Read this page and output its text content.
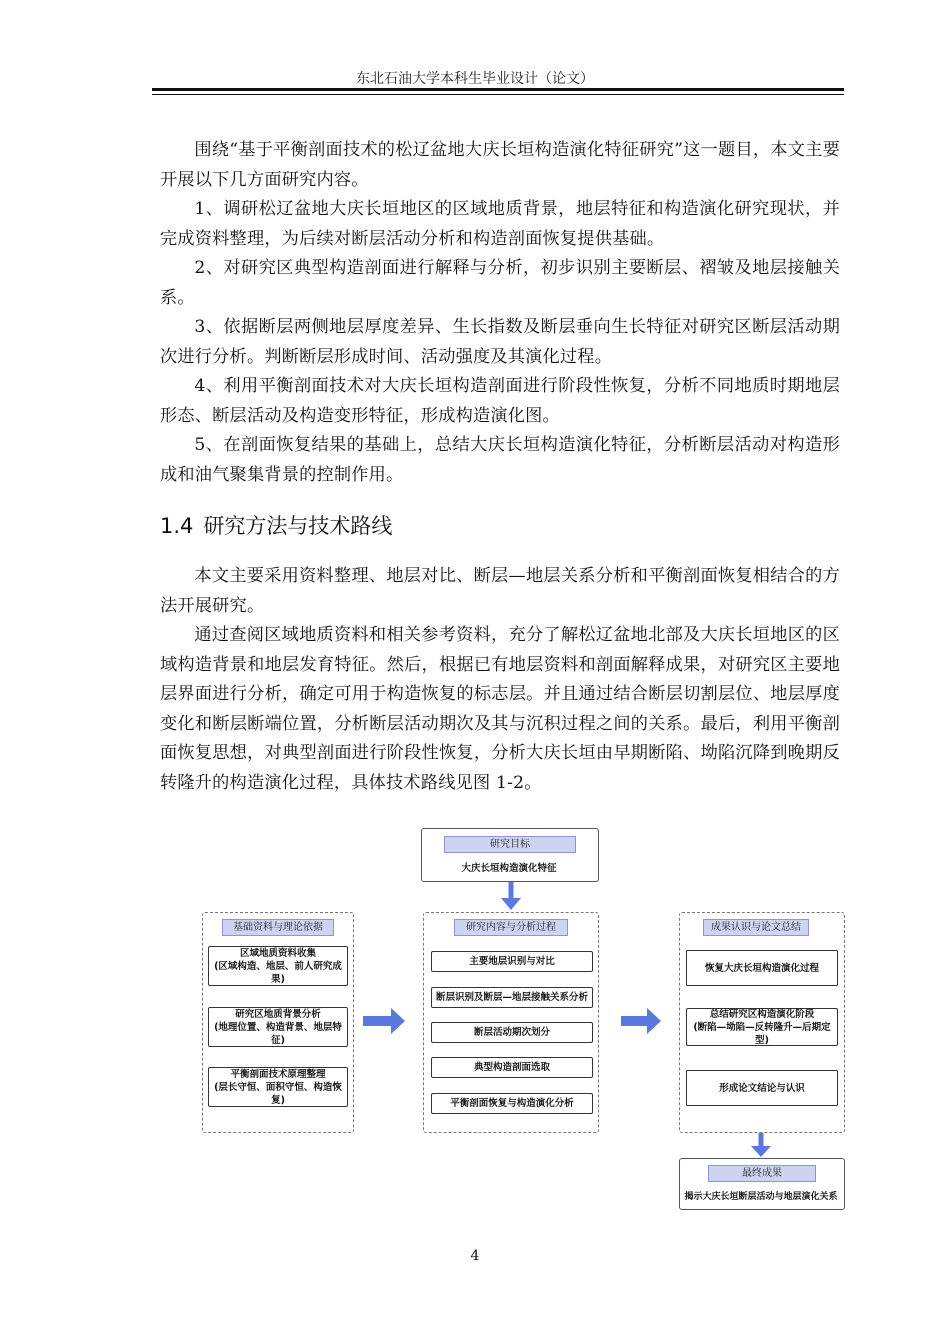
东北石油大学本科生毕业设计（论文）

围绕“基于平衡剖面技术的松辽盆地大庆长垣构造演化特征研究”这一题目，本文主要开展以下几方面研究内容。

1、调研松辽盆地大庆长垣地区的区域地质背景，地层特征和构造演化研究现状，并完成资料整理，为后续对断层活动分析和构造剖面恢复提供基础。

2、对研究区典型构造剖面进行解释与分析，初步识别主要断层、褶皱及地层接触关系。

3、依据断层两侧地层厚度差异、生长指数及断层垂向生长特征对研究区断层活动期次进行分析。判断断层形成时间、活动强度及其演化过程。

4、利用平衡剖面技术对大庆长垣构造剖面进行阶段性恢复，分析不同地质时期地层形态、断层活动及构造变形特征，形成构造演化图。

5、在剖面恢复结果的基础上，总结大庆长垣构造演化特征，分析断层活动对构造形成和油气聚集背景的控制作用。

1.4 研究方法与技术路线

本文主要采用资料整理、地层对比、断层—地层关系分析和平衡剖面恢复相结合的方法开展研究。

通过查阅区域地质资料和相关参考资料，充分了解松辽盆地北部及大庆长垣地区的区域构造背景和地层发育特征。然后，根据已有地层资料和剖面解释成果，对研究区主要地层界面进行分析，确定可用于构造恢复的标志层。并且通过结合断层切割层位、地层厚度变化和断层断端位置，分析断层活动期次及其与沉积过程之间的关系。最后，利用平衡剖面恢复思想，对典型剖面进行阶段性恢复，分析大庆长垣由早期断陷、坳陷沉降到晚期反转隆升的构造演化过程，具体技术路线见图 1-2。

研究目标
大庆长垣构造演化特征
基础资料与理论依据
区域地质资料收集
(区域构造、地层、前人研究成果)
研究区地质背景分析
(地理位置、构造背景、地层特征)
平衡剖面技术原理整理
(层长守恒、面积守恒、构造恢复)
研究内容与分析过程
主要地层识别与对比
断层识别及断层—地层接触关系分析
断层活动期次划分
典型构造剖面选取
平衡剖面恢复与构造演化分析
成果认识与论文总结
恢复大庆长垣构造演化过程
总结研究区构造演化阶段
(断陷—坳陷—反转隆升—后期定型)
形成论文结论与认识
最终成果
揭示大庆长垣断层活动与地层演化关系
4
